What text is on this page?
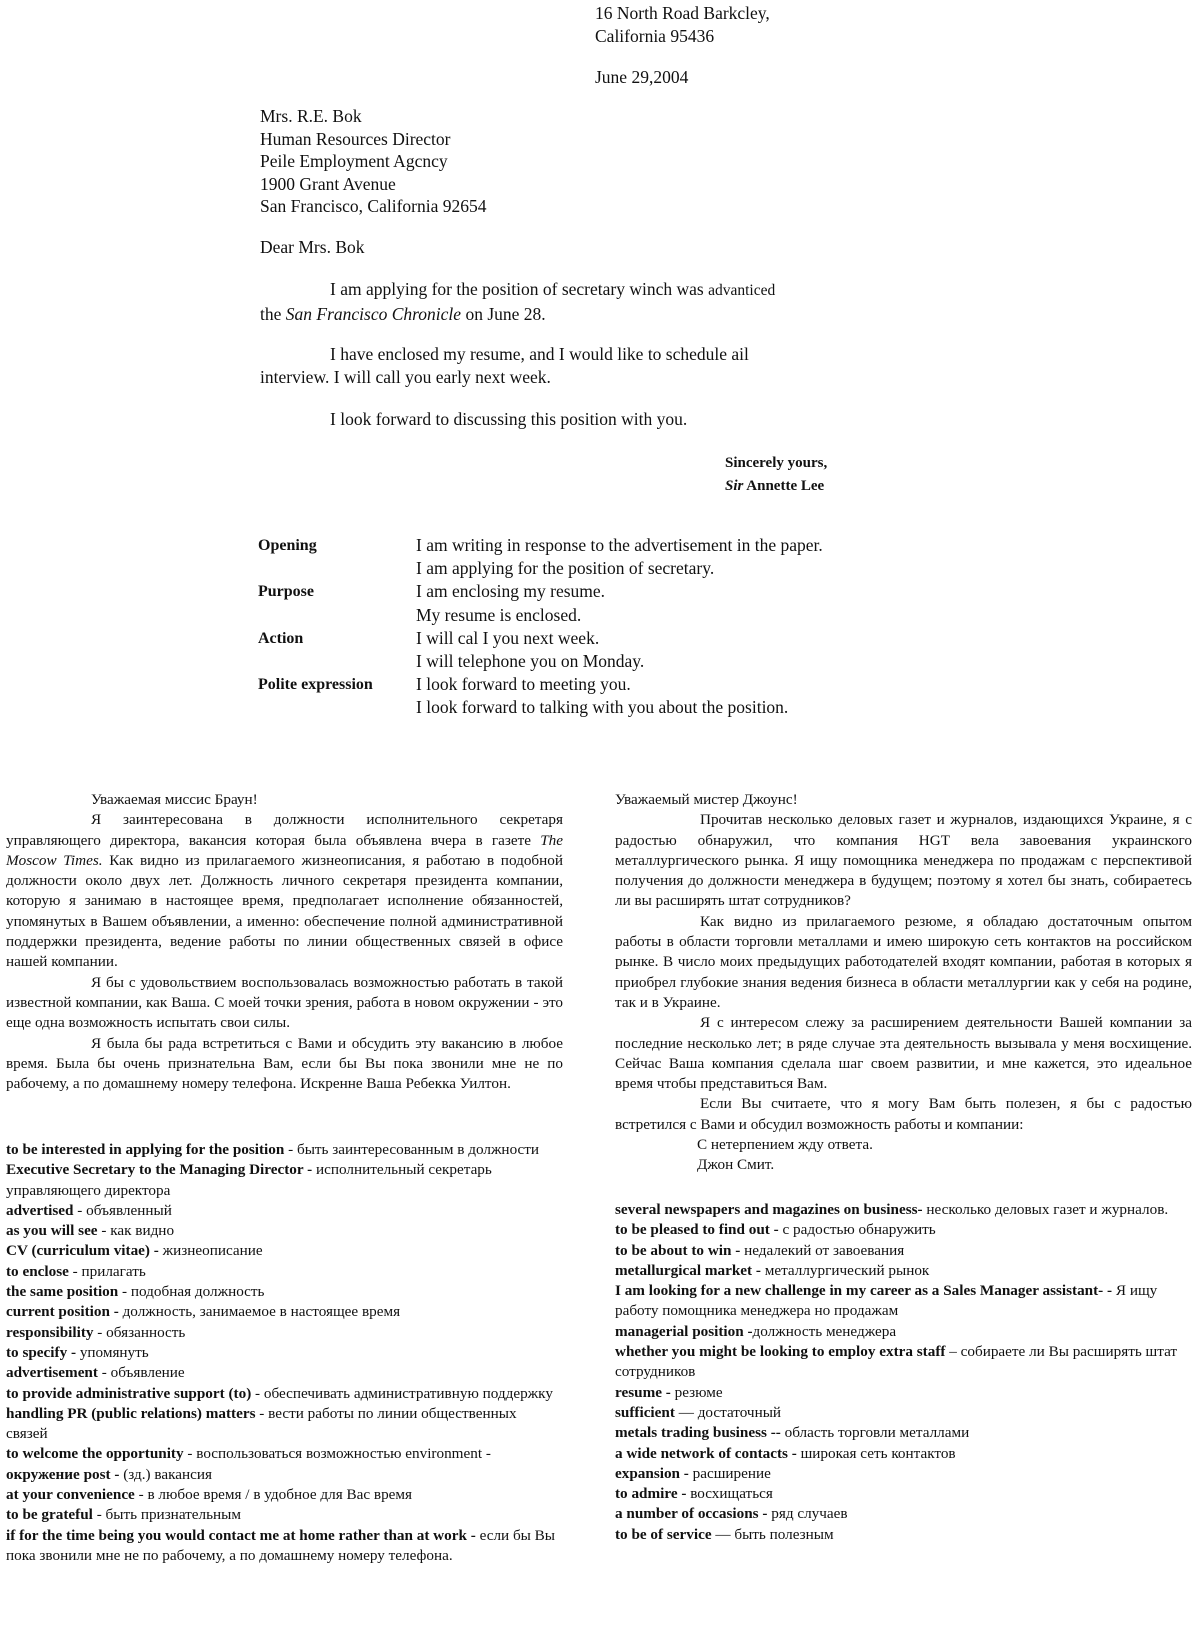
16 North Road Barkcley,
California 95436
June 29,2004
Mrs. R.E. Bok
Human Resources Director
Peile Employment Agcncy
1900 Grant Avenue
San Francisco, California 92654
Dear Mrs. Bok
I am applying for the position of secretary winch was advanticed
the San Francisco Chronicle on June 28.
I have enclosed my resume, and I would like to schedule ail
interview. I will call you early next week.
I look forward to discussing this position with you.
Sincerely yours,
Sir Annette Lee
Opening	I am writing in response to the advertisement in the paper.
I am applying for the position of secretary.
Purpose	I am enclosing my resume.
My resume is enclosed.
Action	I will cal I you next week.
I will telephone you on Monday.
Polite expression	I look forward to meeting you.
I look forward to talking with you about the position.

Уважаемая миссис Браун!

Я заинтересована в должности исполнительного секретаря управляющего директора, вакансия которая была объявлена вчера в газете The Moscow Times. Как видно из прилагаемого жизнеописания, я работаю в подобной должности около двух лет. Должность личного секретаря президента компании, которую я занимаю в настоящее время, предполагает исполнение обязанностей, упомянутых в Вашем объявлении, а именно: обеспечение полной административной поддержки президента, ведение работы по линии общественных связей в офисе нашей компании.

Я бы с удовольствием воспользовалась возможностью работать в такой известной компании, как Ваша. С моей точки зрения, работа в новом окружении - это еще одна возможность испытать свои силы.

Я была бы рада встретиться с Вами и обсудить эту вакансию в любое время. Была бы очень признательна Вам, если бы Вы пока звонили мне не по рабочему, а по домашнему номеру телефона. Искренне Ваша Ребекка Уилтон.

Уважаемый мистер Джоунс!

Прочитав несколько деловых газет и журналов, издающихся Украине, я с радостью обнаружил, что компания HGT вела завоевания украинского металлургического рынка. Я ищу помощника менеджера по продажам с перспективой получения до должности менеджера в будущем; поэтому я хотел бы знать, собираетесь ли вы расширять штат сотрудников?

Как видно из прилагаемого резюме, я обладаю достаточным опытом работы в области торговли металлами и имею широкую сеть контактов на российском рынке. В число моих предыдущих работодателей входят компании, работая в которых я приобрел глубокие знания ведения бизнеса в области металлургии как у себя на родине, так и в Украине.

Я с интересом слежу за расширением деятельности Вашей компании за последние несколько лет; в ряде случае эта деятельность вызывала у меня восхищение. Сейчас Ваша компания сделала шаг своем развитии, и мне кажется, это идеальное время чтобы представиться Вам.

Если Вы считаете, что я могу Вам быть полезен, я бы с радостью встретился с Вами и обсудил возможность работы и компании:

С нетерпением жду ответа.

Джон Смит.

to be interested in applying for the position - быть заинтересованным в должности

Executive Secretary to the Managing Director - исполнительный секретарь управляющего директора

advertised - объявленный

as you will see - как видно

CV (curriculum vitae) - жизнеописание

to enclose - прилагать

the same position - подобная должность

current position - должность, занимаемое в настоящее время

responsibility - обязанность

to specify - упомянуть

advertisement - объявление

to provide administrative support (to) - обеспечивать административную поддержку

handling PR (public relations) matters - вести работы по линии общественных связей

to welcome the opportunity - воспользоваться возможностью environment -

окружение post - (зд.) вакансия

at your convenience - в любое время / в удобное для Вас время

to be grateful - быть признательным

if for the time being you would contact me at home rather than at work - если бы Вы пока звонили мне не по рабочему, а по домашнему номеру телефона.

several newspapers and magazines on business- несколько деловых газет и журналов.

to be pleased to find out - с радостью обнаружить

to be about to win - недалекий от завоевания

metallurgical market - металлургический рынок

I am looking for a new challenge in my career as a Sales Manager assistant- - Я ищу работу помощника менеджера но продажам

managerial position -должность менеджера

whether you might be looking to employ extra staff – собираете ли Вы расширять штат сотрудников

resume - резюме

sufficient — достаточный

metals trading business -- область торговли металлами

a wide network of contacts - широкая сеть контактов

expansion - расширение

to admire - восхищаться

a number of occasions - ряд случаев

to be of service — быть полезным
